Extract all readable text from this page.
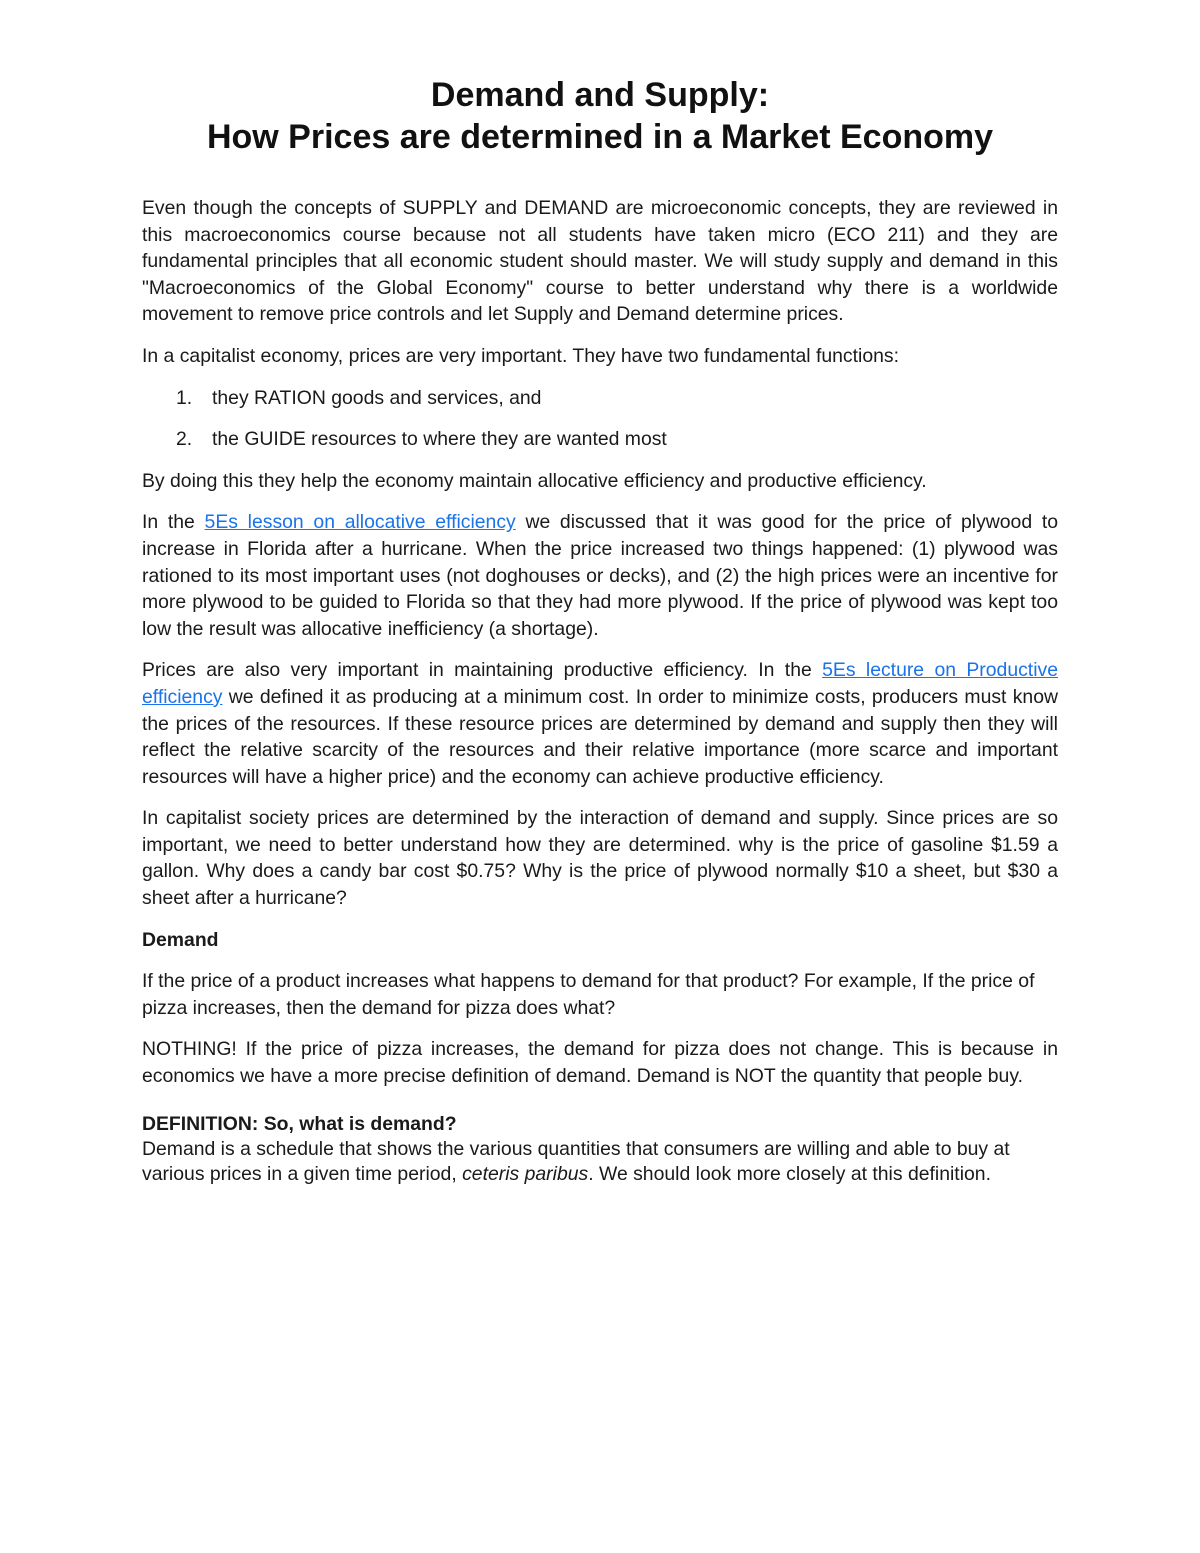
Demand and Supply:
How Prices are determined in a Market Economy

Even though the concepts of SUPPLY and DEMAND are microeconomic concepts, they are reviewed in this macroeconomics course because not all students have taken micro (ECO 211) and they are fundamental principles that all economic student should master. We will study supply and demand in this "Macroeconomics of the Global Economy" course to better understand why there is a worldwide movement to remove price controls and let Supply and Demand determine prices.

In a capitalist economy, prices are very important. They have two fundamental functions:

1. they RATION goods and services, and
2. the GUIDE resources to where they are wanted most

By doing this they help the economy maintain allocative efficiency and productive efficiency.

In the 5Es lesson on allocative efficiency we discussed that it was good for the price of plywood to increase in Florida after a hurricane. When the price increased two things happened: (1) plywood was rationed to its most important uses (not doghouses or decks), and (2) the high prices were an incentive for more plywood to be guided to Florida so that they had more plywood. If the price of plywood was kept too low the result was allocative inefficiency (a shortage).

Prices are also very important in maintaining productive efficiency. In the 5Es lecture on Productive efficiency we defined it as producing at a minimum cost. In order to minimize costs, producers must know the prices of the resources. If these resource prices are determined by demand and supply then they will reflect the relative scarcity of the resources and their relative importance (more scarce and important resources will have a higher price) and the economy can achieve productive efficiency.

In capitalist society prices are determined by the interaction of demand and supply. Since prices are so important, we need to better understand how they are determined. why is the price of gasoline $1.59 a gallon. Why does a candy bar cost $0.75? Why is the price of plywood normally $10 a sheet, but $30 a sheet after a hurricane?

Demand

If the price of a product increases what happens to demand for that product? For example, If the price of pizza increases, then the demand for pizza does what?

NOTHING! If the price of pizza increases, the demand for pizza does not change. This is because in economics we have a more precise definition of demand. Demand is NOT the quantity that people buy.

DEFINITION: So, what is demand?

Demand is a schedule that shows the various quantities that consumers are willing and able to buy at various prices in a given time period, ceteris paribus. We should look more closely at this definition.
